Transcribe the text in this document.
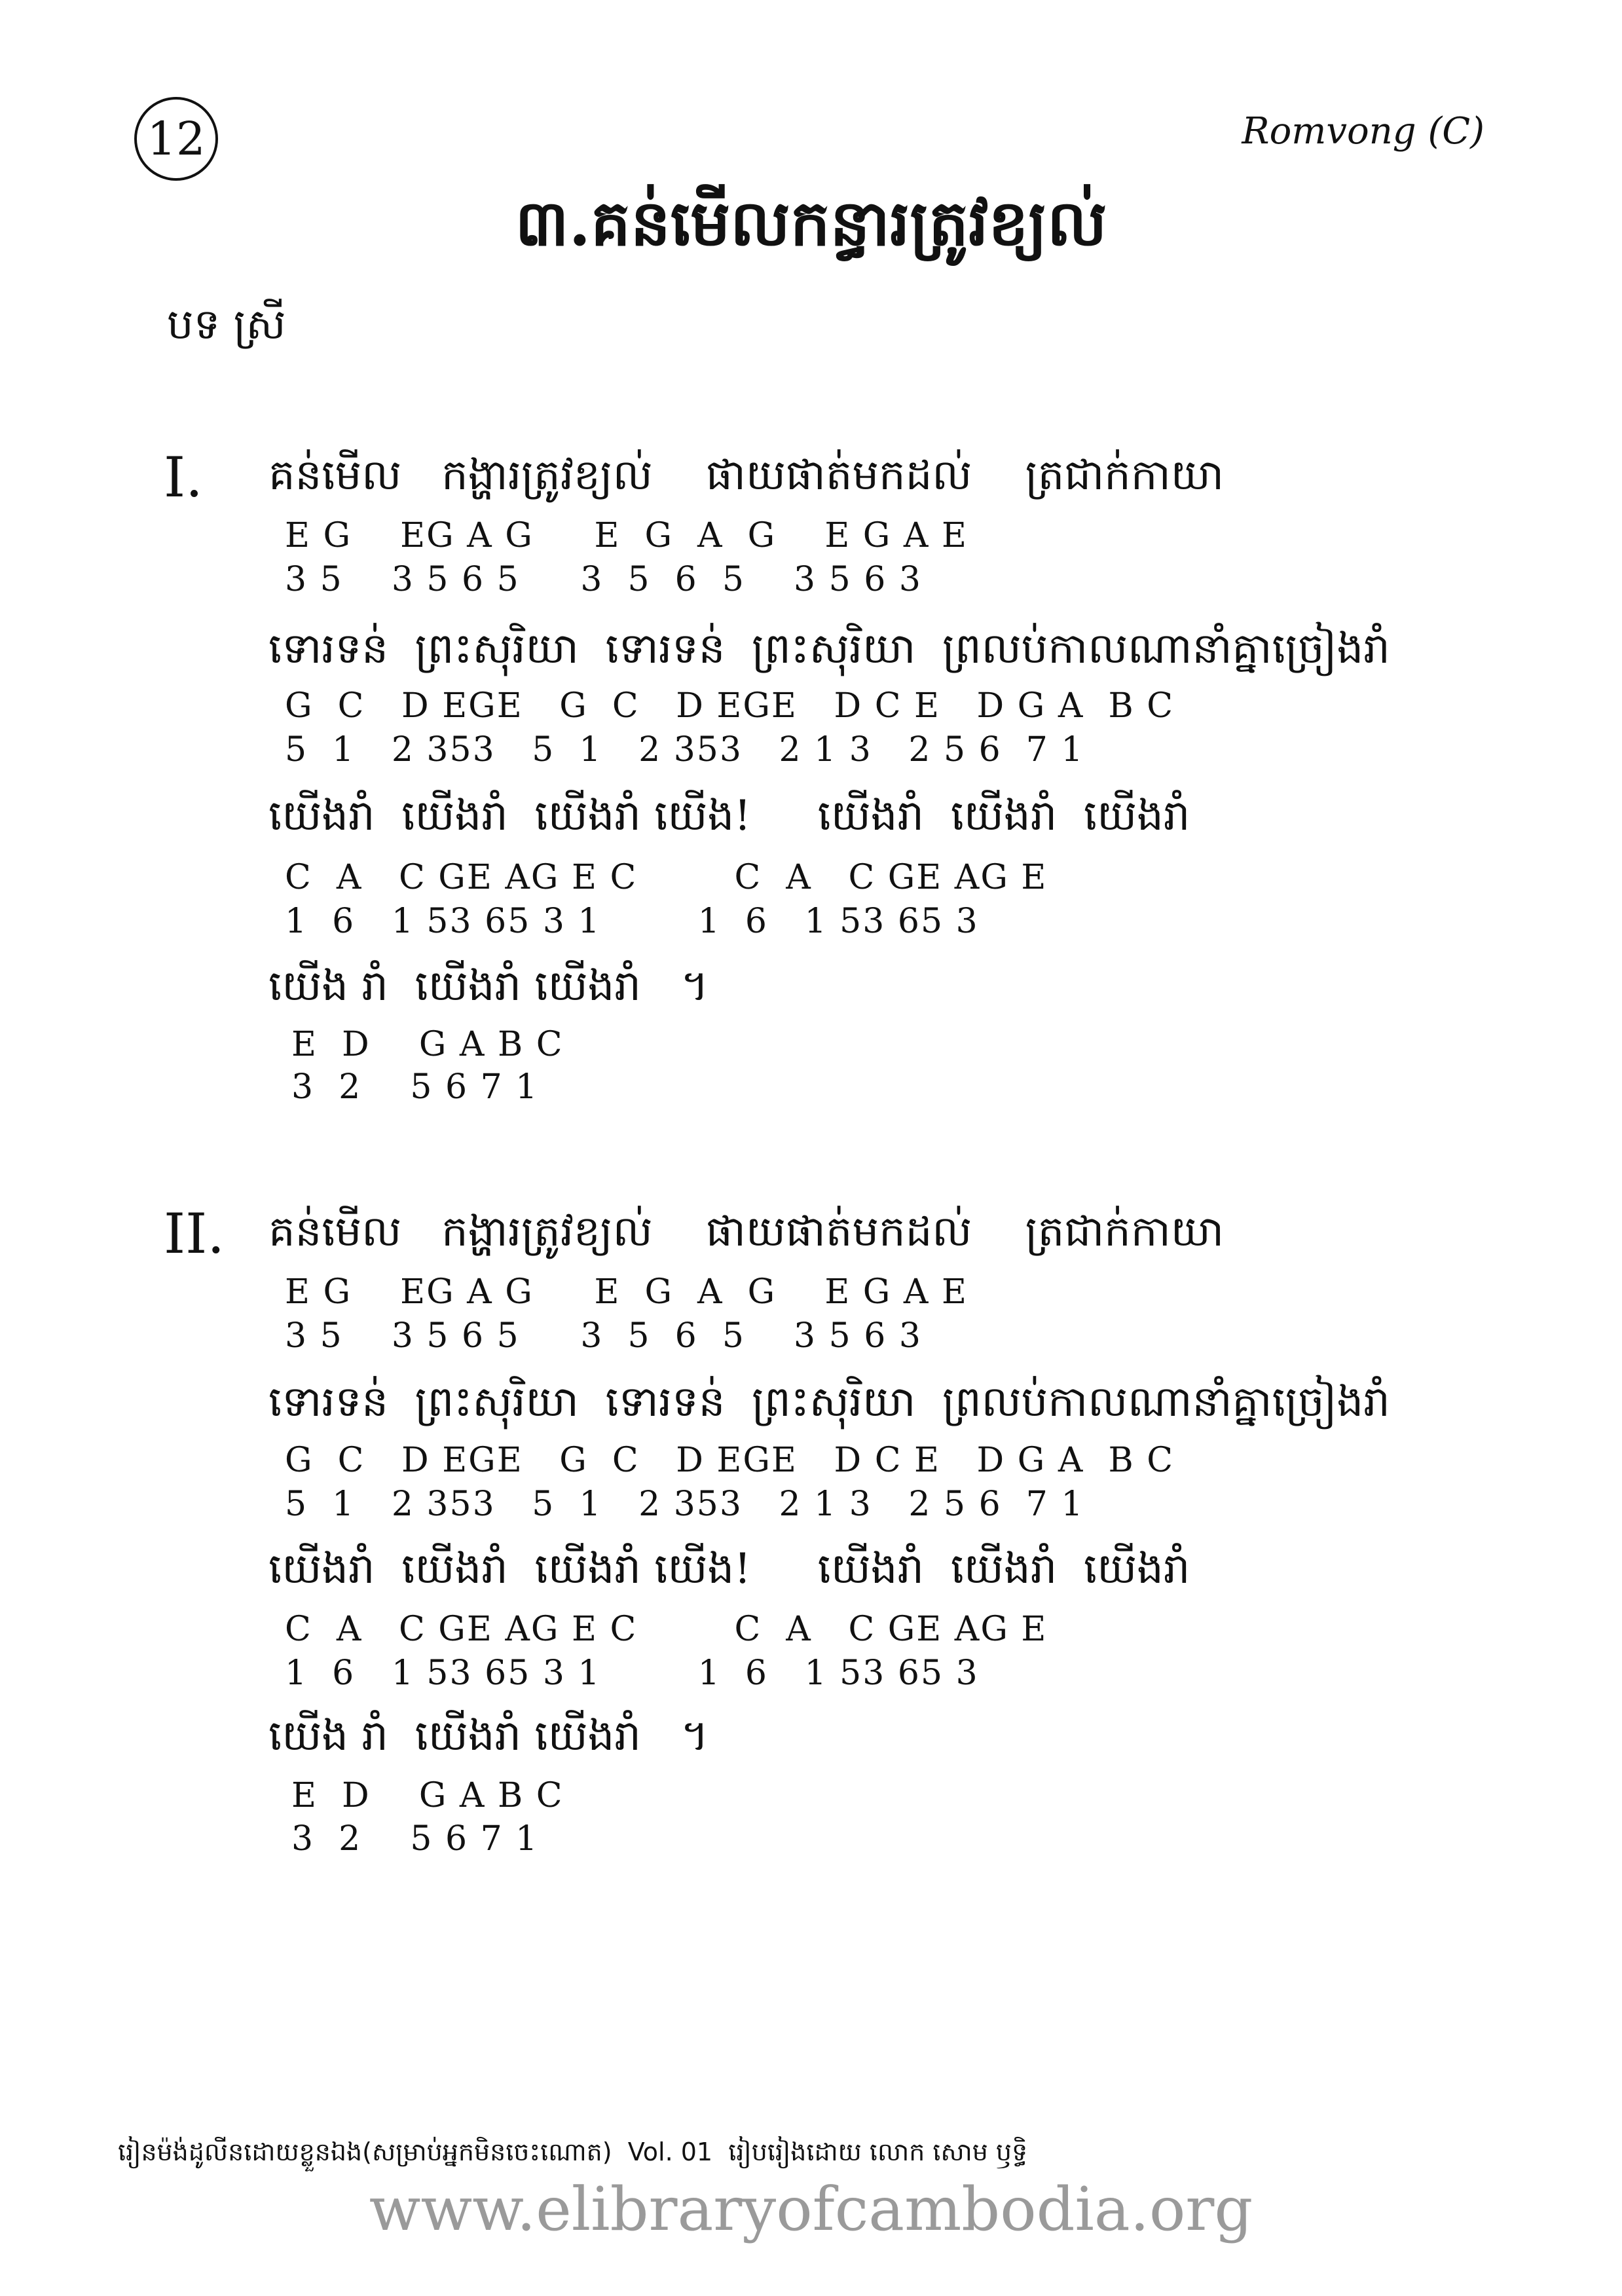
12	Romvong (C)
៣.គន់មើលកន្ធារត្រូវខ្យល់
បទ ស្រី
I. គន់មើល   កង្ហារត្រូវខ្យល់    ផាយផាត់មកដល់    ត្រជាក់កាយា
E G    EG A G     E  G  A  G    E G A E
3 5    3 5 6 5     3  5  6  5    3 5 6 3
ទោរទន់  ព្រះសុរិយា  ទោរទន់  ព្រះសុរិយា  ព្រលប់កាលណានាំគ្នាច្រៀងរាំ
G  C   D EGE   G  C   D EGE   D C E   D G A  B C
5  1   2 353   5  1   2 353   2 1 3   2 5 6  7 1
យើងរាំ  យើងរាំ  យើងរាំ យើង!     យើងរាំ  យើងរាំ  យើងរាំ
C  A   C GE AG E C        C  A   C GE AG E
1  6   1 53 65 3 1        1  6   1 53 65 3
យើង រាំ  យើងរាំ យើងរាំ   ។
E  D    G A B C
3  2    5 6 7 1
II. គន់មើល   កង្ហារត្រូវខ្យល់    ផាយផាត់មកដល់    ត្រជាក់កាយា
E G    EG A G     E  G  A  G    E G A E
3 5    3 5 6 5     3  5  6  5    3 5 6 3
ទោរទន់  ព្រះសុរិយា  ទោរទន់  ព្រះសុរិយា  ព្រលប់កាលណានាំគ្នាច្រៀងរាំ
G  C   D EGE   G  C   D EGE   D C E   D G A  B C
5  1   2 353   5  1   2 353   2 1 3   2 5 6  7 1
យើងរាំ  យើងរាំ  យើងរាំ យើង!     យើងរាំ  យើងរាំ  យើងរាំ
C  A   C GE AG E C        C  A   C GE AG E
1  6   1 53 65 3 1        1  6   1 53 65 3
យើង រាំ  យើងរាំ យើងរាំ   ។
E  D    G A B C
3  2    5 6 7 1
រៀនម៉ង់ដូលីនដោយខ្លួនឯង(សម្រាប់អ្នកមិនចេះណោត)  Vol. 01  រៀបរៀងដោយ លោក សោម ឫទ្ធិ
www.elibraryofcambodia.org
